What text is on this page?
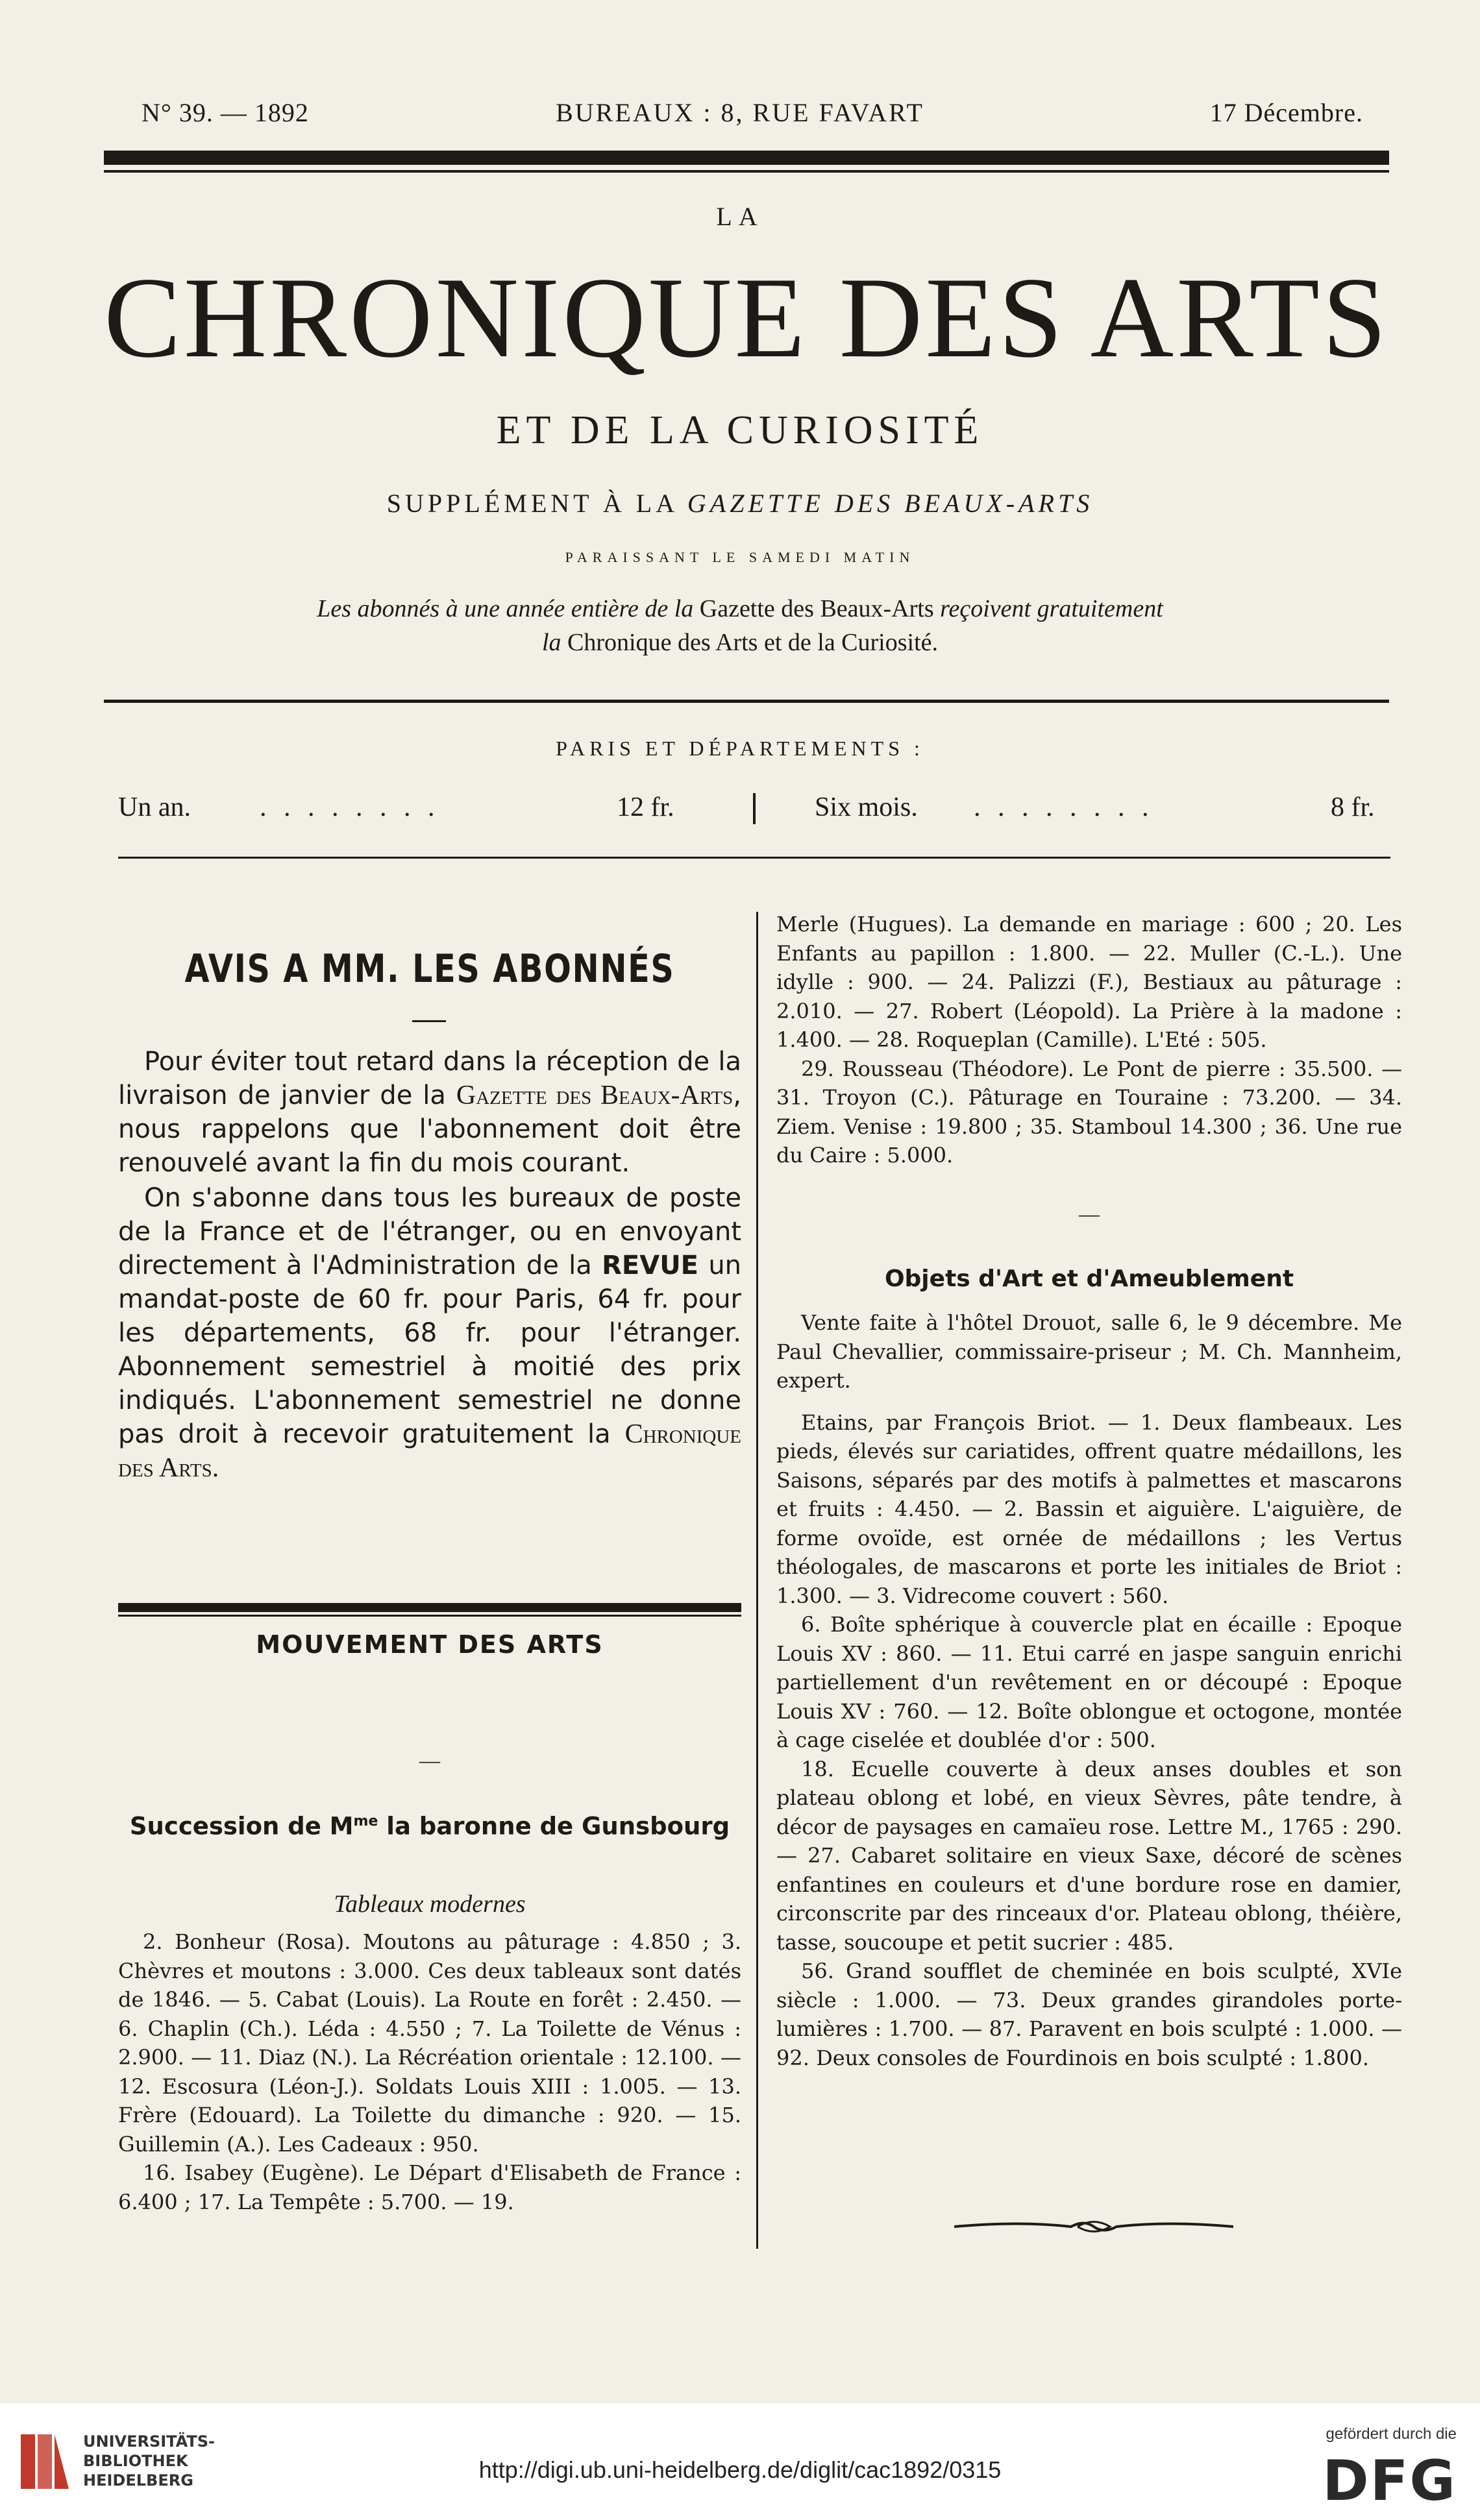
N° 39. — 1892	BUREAUX : 8, RUE FAVART	17 Décembre.
LA
CHRONIQUE DES ARTS
ET DE LA CURIOSITÉ
SUPPLÉMENT À LA GAZETTE DES BEAUX-ARTS
PARAISSANT LE SAMEDI MATIN
Les abonnés à une année entière de la Gazette des Beaux-Arts reçoivent gratuitement
la Chronique des Arts et de la Curiosité.
PARIS ET DÉPARTEMENTS :
Un an.	. . . . . . . .	12 fr.	Six mois. . . . . . . . .	8 fr.
AVIS A MM. LES ABONNÉS

Pour éviter tout retard dans la réception de la livraison de janvier de la Gazette des Beaux-Arts, nous rappelons que l'abonnement doit être renouvelé avant la fin du mois courant.

On s'abonne dans tous les bureaux de poste de la France et de l'étranger, ou en envoyant directement à l'Administration de la REVUE un mandat-poste de 60 fr. pour Paris, 64 fr. pour les départements, 68 fr. pour l'étranger. Abonnement semestriel à moitié des prix indiqués. L'abonnement semestriel ne donne pas droit à recevoir gratuitement la Chronique des Arts.

MOUVEMENT DES ARTS
—
Succession de $M^{me}$ la baronne de Gunsbourg
Tableaux modernes

2. Bonheur (Rosa). Moutons au pâturage : 4.850 ; 3. Chèvres et moutons : 3.000. Ces deux tableaux sont datés de 1846. — 5. Cabat (Louis). La Route en forêt : 2.450. — 6. Chaplin (Ch.). Léda : 4.550 ; 7. La Toilette de Vénus : 2.900. — 11. Diaz (N.). La Récréation orientale : 12.100. — 12. Escosura (Léon-J.). Soldats Louis XIII : 1.005. — 13. Frère (Edouard). La Toilette du dimanche : 920. — 15. Guillemin (A.). Les Cadeaux : 950.

16. Isabey (Eugène). Le Départ d'Elisabeth de France : 6.400 ; 17. La Tempête : 5.700. — 19.

Merle (Hugues). La demande en mariage : 600 ; 20. Les Enfants au papillon : 1.800. — 22. Muller (C.-L.). Une idylle : 900. — 24. Palizzi (F.), Bestiaux au pâturage : 2.010. — 27. Robert (Léopold). La Prière à la madone : 1.400. — 28. Roqueplan (Camille). L'Eté : 505.

29. Rousseau (Théodore). Le Pont de pierre : 35.500. — 31. Troyon (C.). Pâturage en Touraine : 73.200. — 34. Ziem. Venise : 19.800 ; 35. Stamboul 14.300 ; 36. Une rue du Caire : 5.000.

—
Objets d'Art et d'Ameublement

Vente faite à l'hôtel Drouot, salle 6, le 9 décembre. Me Paul Chevallier, commissaire-priseur ; M. Ch. Mannheim, expert.

Etains, par François Briot. — 1. Deux flambeaux. Les pieds, élevés sur cariatides, offrent quatre médaillons, les Saisons, séparés par des motifs à palmettes et mascarons et fruits : 4.450. — 2. Bassin et aiguière. L'aiguière, de forme ovoïde, est ornée de médaillons ; les Vertus théologales, de mascarons et porte les initiales de Briot : 1.300. — 3. Vidrecome couvert : 560.

6. Boîte sphérique à couvercle plat en écaille : Epoque Louis XV : 860. — 11. Etui carré en jaspe sanguin enrichi partiellement d'un revêtement en or découpé : Epoque Louis XV : 760. — 12. Boîte oblongue et octogone, montée à cage ciselée et doublée d'or : 500.

18. Ecuelle couverte à deux anses doubles et son plateau oblong et lobé, en vieux Sèvres, pâte tendre, à décor de paysages en camaïeu rose. Lettre M., 1765 : 290. — 27. Cabaret solitaire en vieux Saxe, décoré de scènes enfantines en couleurs et d'une bordure rose en damier, circonscrite par des rinceaux d'or. Plateau oblong, théière, tasse, soucoupe et petit sucrier : 485.

56. Grand soufflet de cheminée en bois sculpté, XVIe siècle : 1.000. — 73. Deux grandes girandoles porte-lumières : 1.700. — 87. Paravent en bois sculpté : 1.000. — 92. Deux consoles de Fourdinois en bois sculpté : 1.800.

UNIVERSITÄTS-
BIBLIOTHEK
HEIDELBERG	http://digi.ub.uni-heidelberg.de/diglit/cac1892/0315
gefördert durch die
DFG
